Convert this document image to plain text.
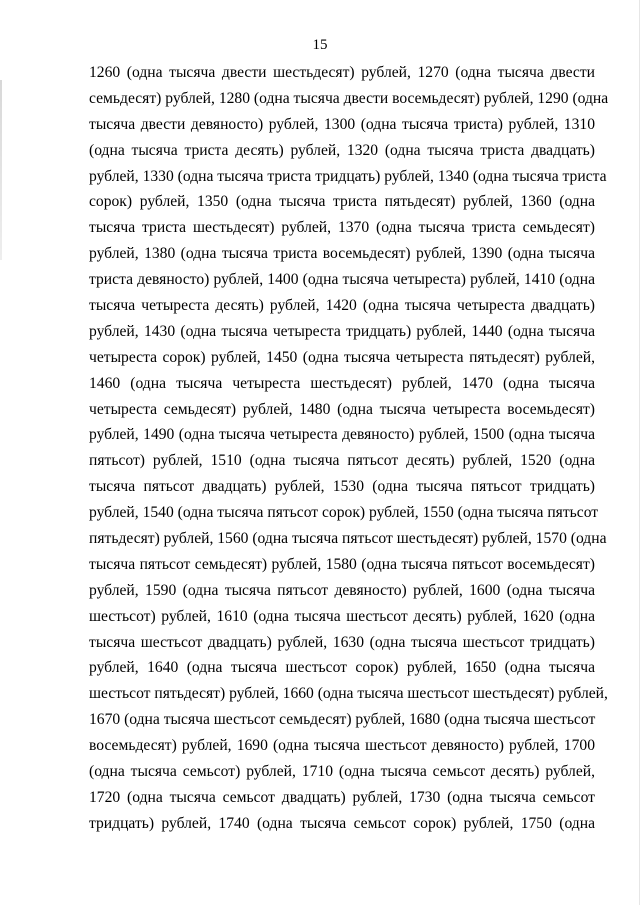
15
1260 (одна тысяча двести шестьдесят) рублей, 1270 (одна тысяча двести
семьдесят) рублей, 1280 (одна тысяча двести восемьдесят) рублей, 1290 (одна
тысяча двести девяносто) рублей, 1300 (одна тысяча триста) рублей, 1310
(одна тысяча триста десять) рублей, 1320 (одна тысяча триста двадцать)
рублей, 1330 (одна тысяча триста тридцать) рублей, 1340 (одна тысяча триста
сорок) рублей, 1350 (одна тысяча триста пятьдесят) рублей, 1360 (одна
тысяча триста шестьдесят) рублей, 1370 (одна тысяча триста семьдесят)
рублей, 1380 (одна тысяча триста восемьдесят) рублей, 1390 (одна тысяча
триста девяносто) рублей, 1400 (одна тысяча четыреста) рублей, 1410 (одна
тысяча четыреста десять) рублей, 1420 (одна тысяча четыреста двадцать)
рублей, 1430 (одна тысяча четыреста тридцать) рублей, 1440 (одна тысяча
четыреста сорок) рублей, 1450 (одна тысяча четыреста пятьдесят) рублей,
1460 (одна тысяча четыреста шестьдесят) рублей, 1470 (одна тысяча
четыреста семьдесят) рублей, 1480 (одна тысяча четыреста восемьдесят)
рублей, 1490 (одна тысяча четыреста девяносто) рублей, 1500 (одна тысяча
пятьсот) рублей, 1510 (одна тысяча пятьсот десять) рублей, 1520 (одна
тысяча пятьсот двадцать) рублей, 1530 (одна тысяча пятьсот тридцать)
рублей, 1540 (одна тысяча пятьсот сорок) рублей, 1550 (одна тысяча пятьсот
пятьдесят) рублей, 1560 (одна тысяча пятьсот шестьдесят) рублей, 1570 (одна
тысяча пятьсот семьдесят) рублей, 1580 (одна тысяча пятьсот восемьдесят)
рублей, 1590 (одна тысяча пятьсот девяносто) рублей, 1600 (одна тысяча
шестьсот) рублей, 1610 (одна тысяча шестьсот десять) рублей, 1620 (одна
тысяча шестьсот двадцать) рублей, 1630 (одна тысяча шестьсот тридцать)
рублей, 1640 (одна тысяча шестьсот сорок) рублей, 1650 (одна тысяча
шестьсот пятьдесят) рублей, 1660 (одна тысяча шестьсот шестьдесят) рублей,
1670 (одна тысяча шестьсот семьдесят) рублей, 1680 (одна тысяча шестьсот
восемьдесят) рублей, 1690 (одна тысяча шестьсот девяносто) рублей, 1700
(одна тысяча семьсот) рублей, 1710 (одна тысяча семьсот десять) рублей,
1720 (одна тысяча семьсот двадцать) рублей, 1730 (одна тысяча семьсот
тридцать) рублей, 1740 (одна тысяча семьсот сорок) рублей, 1750 (одна
